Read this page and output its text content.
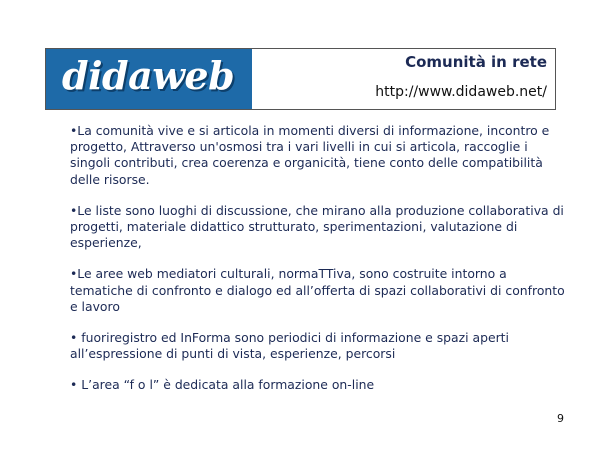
didaweb	Comunità in rete
http://www.didaweb.net/

•La comunità vive e si articola in momenti diversi di informazione, incontro e progetto, Attraverso un'osmosi tra i vari livelli in cui si articola, raccoglie i singoli contributi, crea coerenza e organicità, tiene conto delle compatibilità delle risorse.

•Le liste sono luoghi di discussione, che mirano alla produzione collaborativa di progetti, materiale didattico strutturato, sperimentazioni, valutazione di esperienze,

•Le aree web mediatori culturali, normaTTiva, sono costruite intorno a tematiche di confronto e dialogo ed all’offerta di spazi collaborativi di confronto e lavoro

• fuoriregistro ed InForma sono periodici di informazione e spazi aperti all’espressione di punti di vista, esperienze, percorsi

• L’area “f o l” è dedicata alla formazione on-line

9
